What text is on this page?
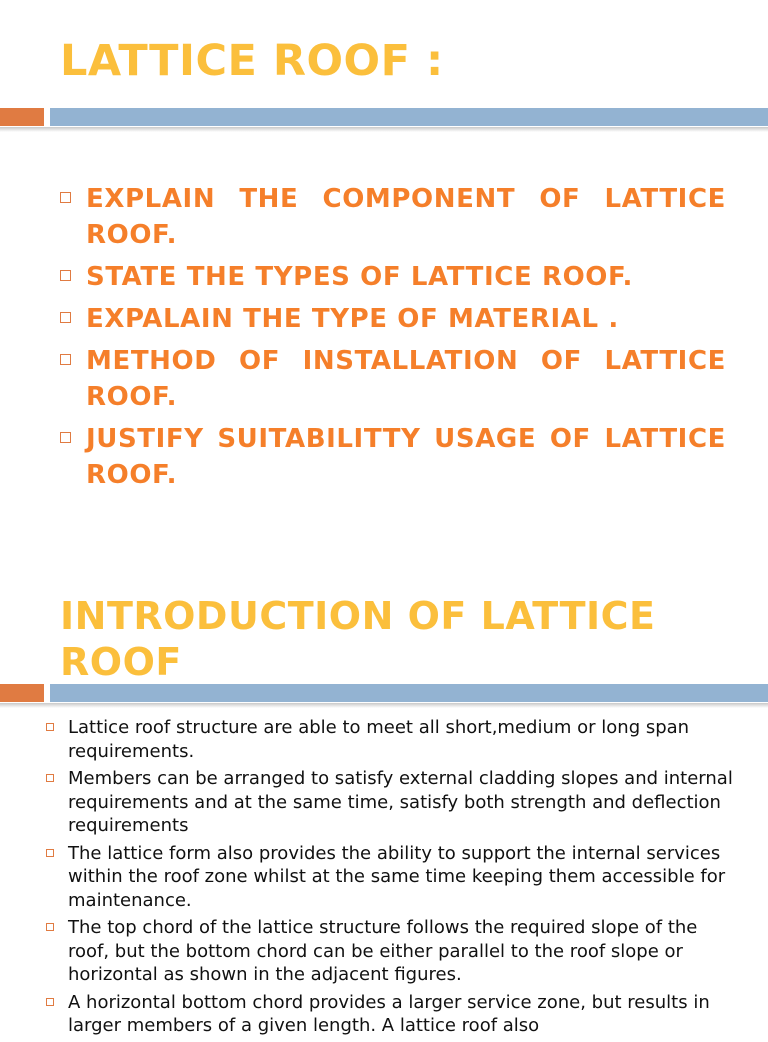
LATTICE ROOF :
EXPLAIN THE COMPONENT OF LATTICE ROOF.
STATE THE TYPES OF LATTICE ROOF.
EXPALAIN THE TYPE OF MATERIAL .
METHOD OF INSTALLATION OF LATTICE ROOF.
JUSTIFY SUITABILITTY USAGE OF LATTICE ROOF.
INTRODUCTION OF LATTICE
ROOF
Lattice roof structure are able to meet all short,medium or long span requirements.
Members can be arranged to satisfy external cladding slopes and internal requirements and at the same time, satisfy both strength and deflection requirements
The lattice form also provides the ability to support the internal services within the roof zone whilst at the same time keeping them accessible for maintenance.
The top chord of the lattice structure follows the required slope of the roof, but the bottom chord can be either parallel to the roof slope or horizontal as shown in the adjacent figures.
A horizontal bottom chord provides a larger service zone, but results in larger members of a given length. A lattice roof also
